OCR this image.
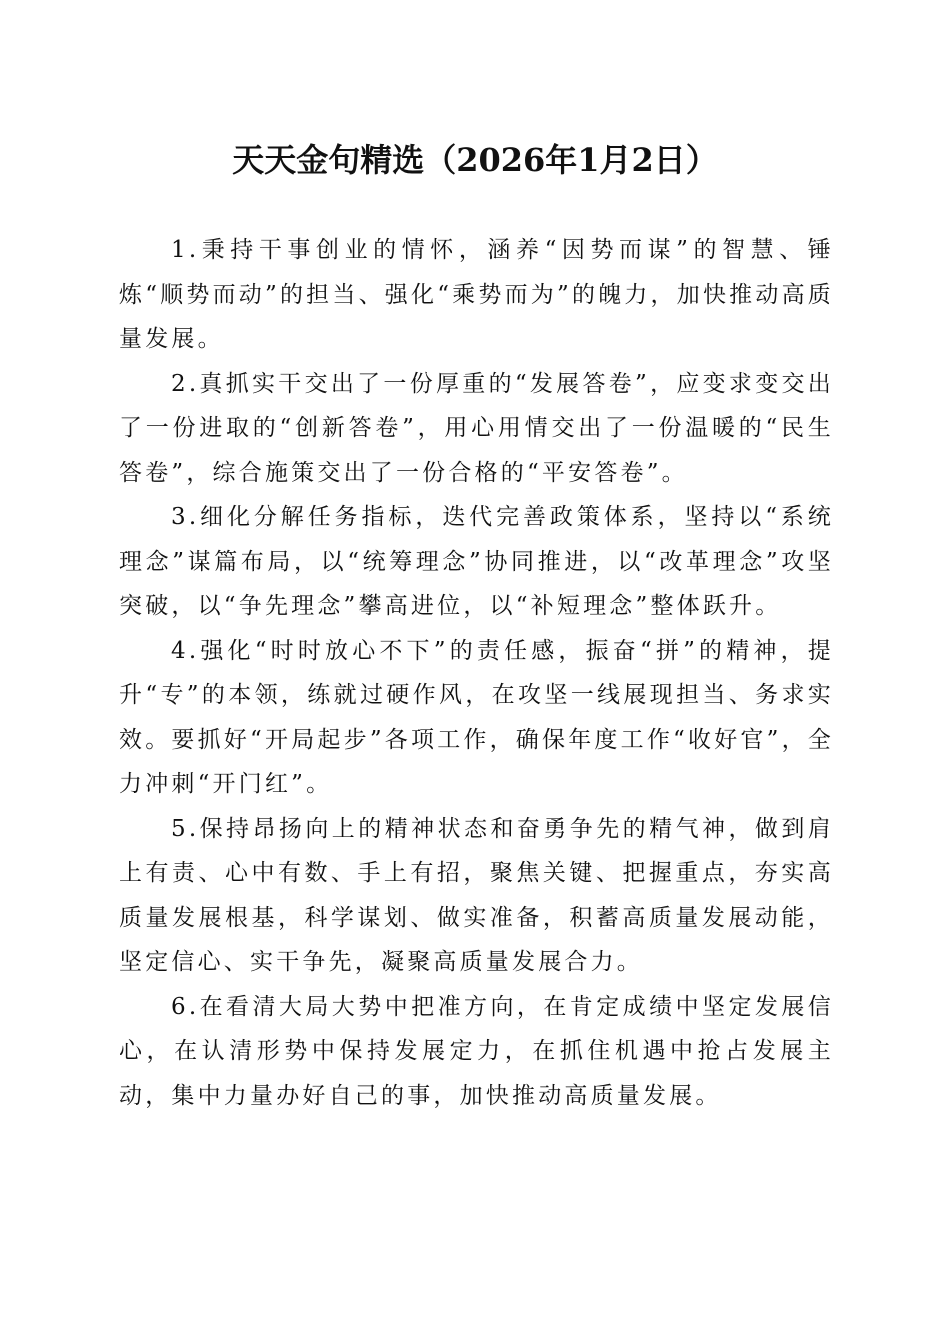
天天金句精选（2026年1月2日）

1.秉持干事创业的情怀，涵养“因势而谋”的智慧、锤炼“顺势而动”的担当、强化“乘势而为”的魄力，加快推动高质量发展。

2.真抓实干交出了一份厚重的“发展答卷”，应变求变交出了一份进取的“创新答卷”，用心用情交出了一份温暖的“民生答卷”，综合施策交出了一份合格的“平安答卷”。

3.细化分解任务指标，迭代完善政策体系，坚持以“系统理念”谋篇布局，以“统筹理念”协同推进，以“改革理念”攻坚突破，以“争先理念”攀高进位，以“补短理念”整体跃升。

4.强化“时时放心不下”的责任感，振奋“拼”的精神，提升“专”的本领，练就过硬作风，在攻坚一线展现担当、务求实效。要抓好“开局起步”各项工作，确保年度工作“收好官”，全力冲刺“开门红”。

5.保持昂扬向上的精神状态和奋勇争先的精气神，做到肩上有责、心中有数、手上有招，聚焦关键、把握重点，夯实高质量发展根基，科学谋划、做实准备，积蓄高质量发展动能，坚定信心、实干争先，凝聚高质量发展合力。

6.在看清大局大势中把准方向，在肯定成绩中坚定发展信心，在认清形势中保持发展定力，在抓住机遇中抢占发展主动，集中力量办好自己的事，加快推动高质量发展。
